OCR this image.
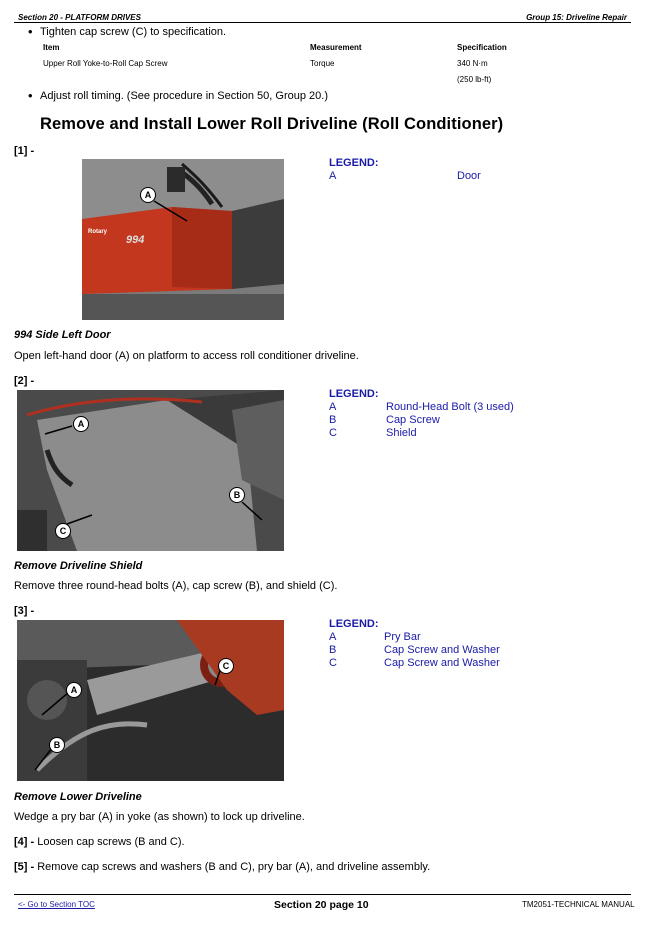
Section 20 - PLATFORM DRIVES	Group 15: Driveline Repair
• Tighten cap screw (C) to specification.
Item	Measurement	Specification
Upper Roll Yoke-to-Roll Cap Screw	Torque	340 N·m
(250 lb-ft)
• Adjust roll timing. (See procedure in Section 50, Group 20.)
Remove and Install Lower Roll Driveline (Roll Conditioner)
[1] -
Rotary
994
A
LEGEND:
A	Door
994 Side Left Door
Open left-hand door (A) on platform to access roll conditioner driveline.
[2] -
A
B
C
LEGEND:
A	Round-Head Bolt (3 used)
B	Cap Screw
C	Shield
Remove Driveline Shield
Remove three round-head bolts (A), cap screw (B), and shield (C).
[3] -
A
B
C
LEGEND:
A	Pry Bar
B	Cap Screw and Washer
C	Cap Screw and Washer
Remove Lower Driveline
Wedge a pry bar (A) in yoke (as shown) to lock up driveline.
[4] - Loosen cap screws (B and C).
[5] - Remove cap screws and washers (B and C), pry bar (A), and driveline assembly.
<- Go to Section TOC	Section 20 page 10	TM2051-TECHNICAL MANUAL
